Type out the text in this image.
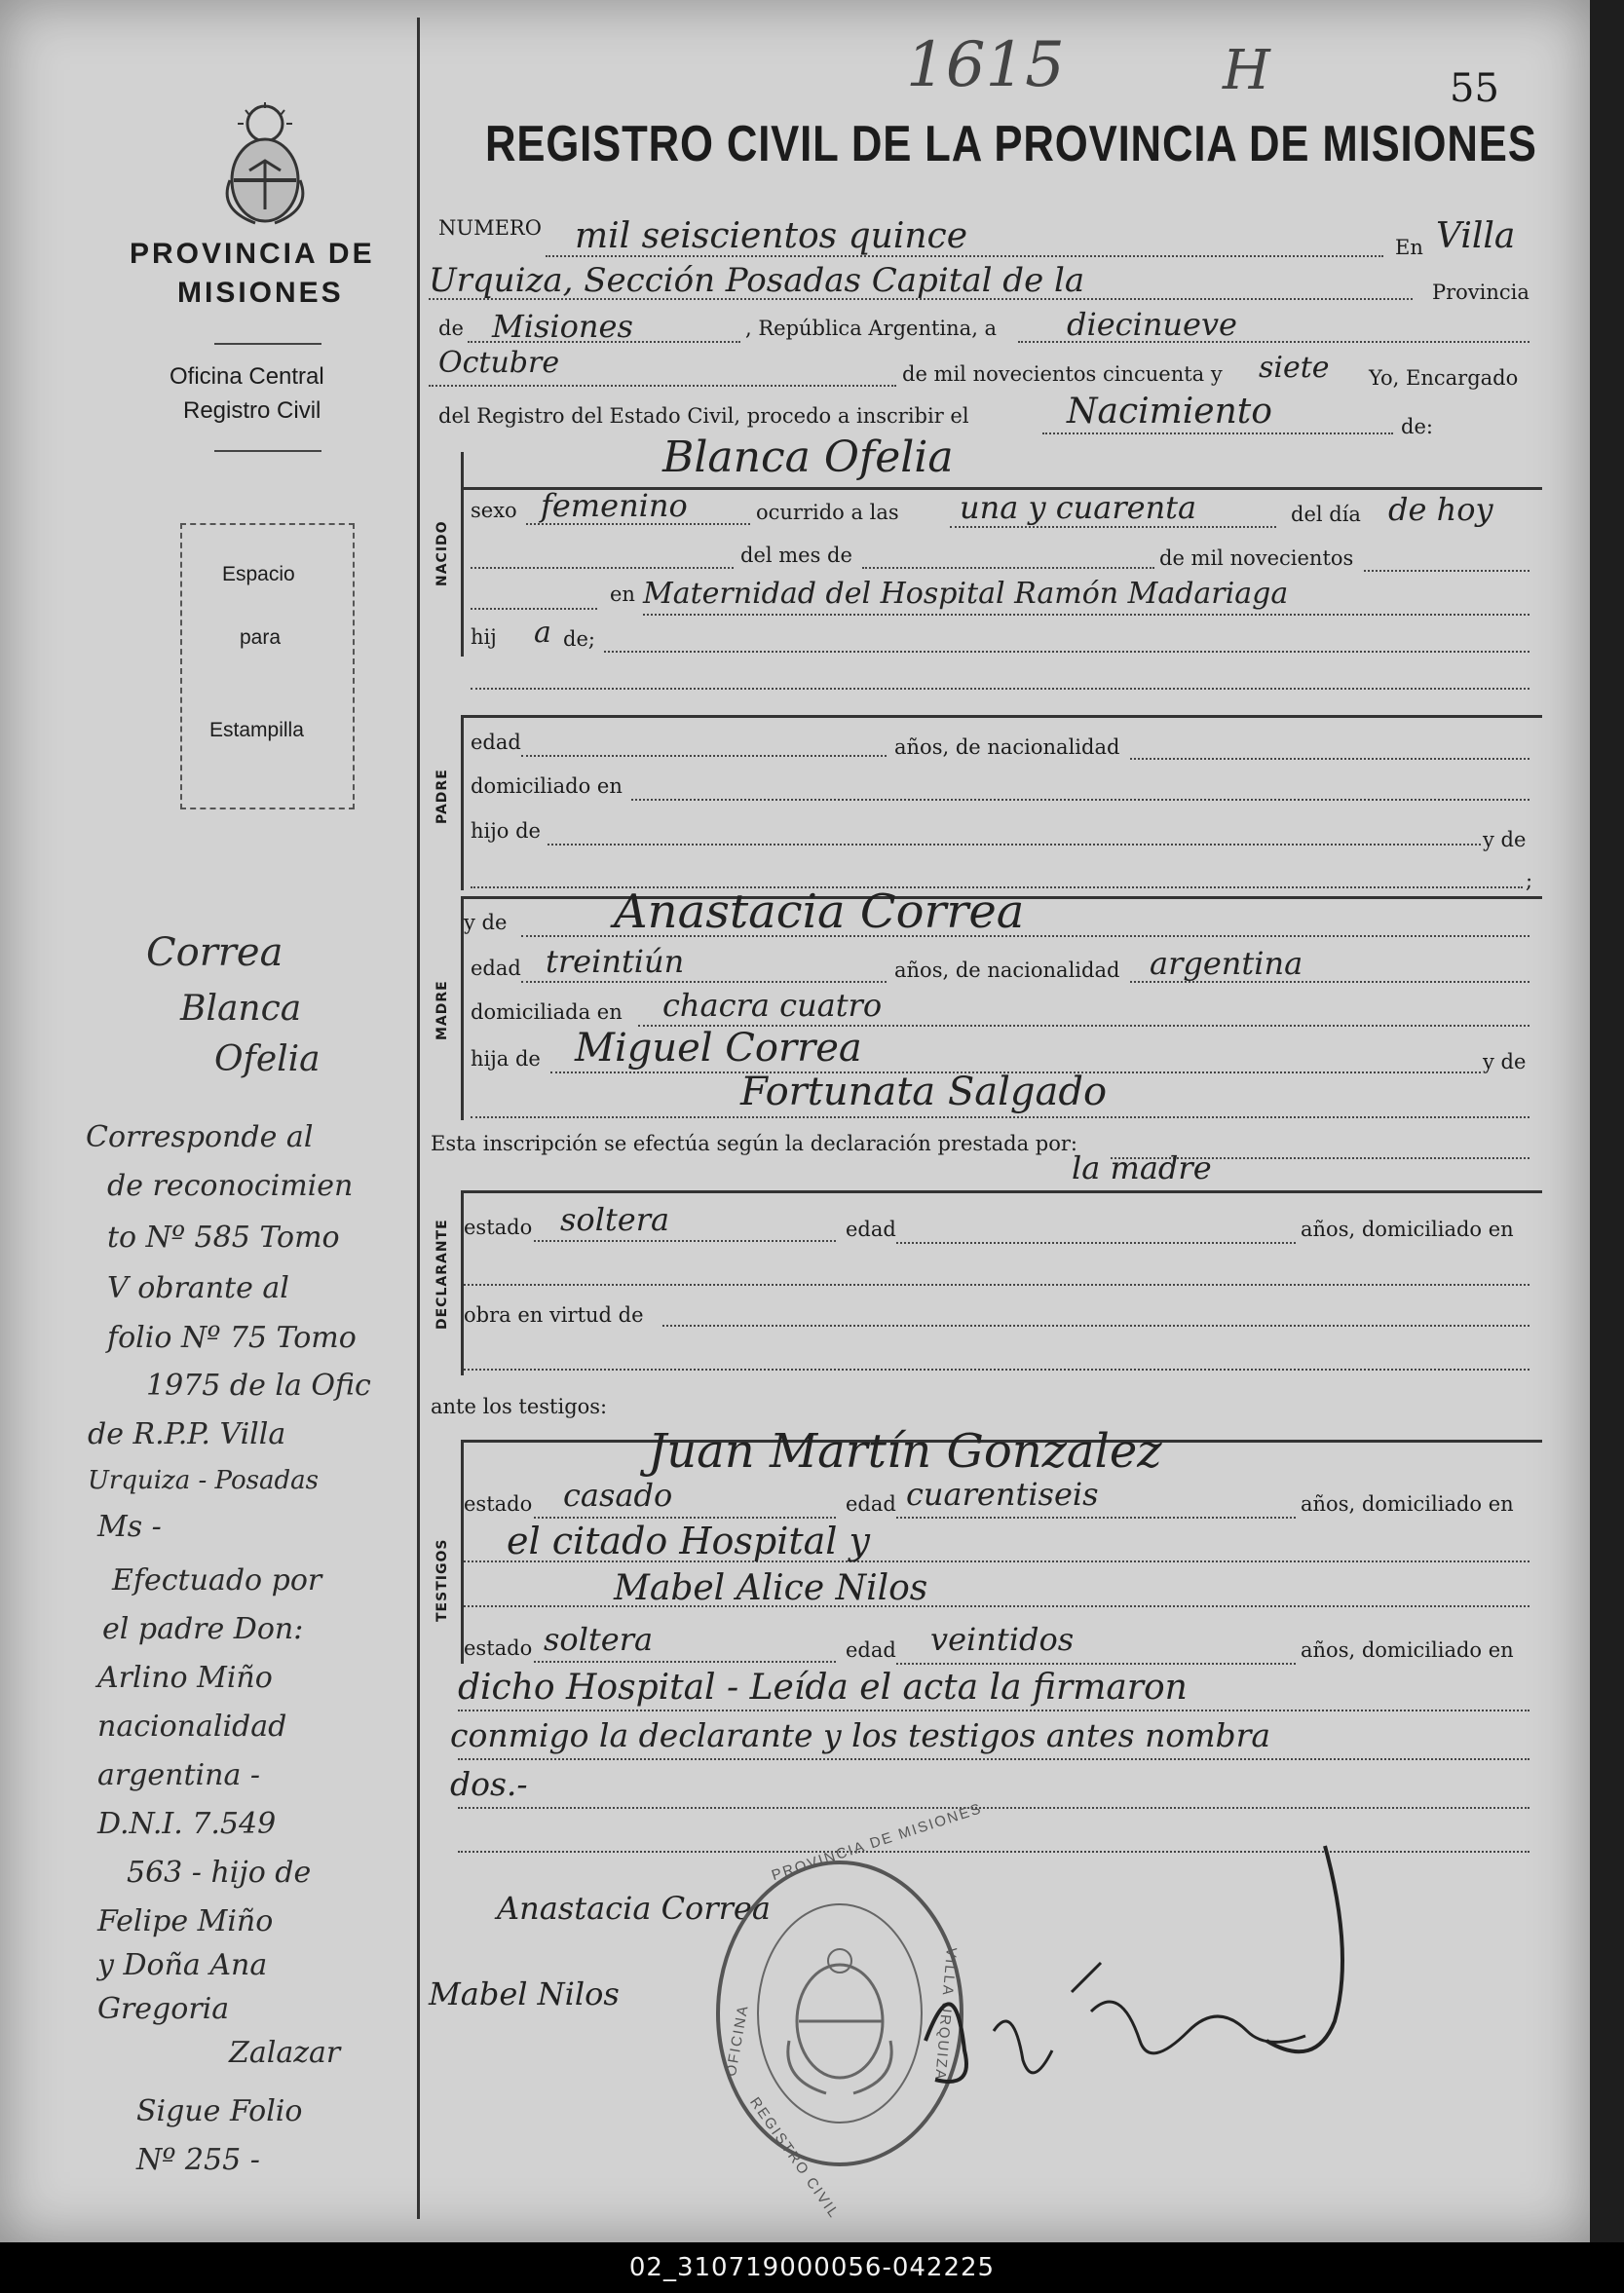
1615	H	55
REGISTRO CIVIL DE LA PROVINCIA DE MISIONES
PROVINCIA DE
MISIONES
Oficina Central
Registro Civil
Espacio
para
Estampilla
Correa
Blanca
Ofelia
Corresponde al
de reconocimien
to Nº 585 Tomo
V obrante al
folio Nº 75 Tomo
1975 de la Ofic
de R.P.P. Villa
Urquiza - Posadas
Ms -
Efectuado por
el padre Don:
Arlino Miño
nacionalidad
argentina -
D.N.I. 7.549
563 - hijo de
Felipe Miño
y Doña Ana
Gregoria
Zalazar
Sigue Folio
Nº 255 -
NUMERO mil seiscientos quince	En Villa
Urquiza, Sección Posadas Capital de la	Provincia
de Misiones	, República Argentina, a diecinueve
Octubre	de mil novecientos cincuenta y siete Yo, Encargado
del Registro del Estado Civil, procedo a inscribir el	Nacimiento	de:
NACIDO
Blanca Ofelia
sexo femenino	ocurrido a las una y cuarenta	del día de hoy
del mes de	de mil novecientos
en Maternidad del Hospital Ramón Madariaga
hij a de;
PADRE
edad	años, de nacionalidad
domiciliado en
hijo de	y de
;
MADRE
y de Anastacia Correa
edad treintiún	años, de nacionalidad argentina
domiciliada en chacra cuatro
hija de Miguel Correa	y de
Fortunata Salgado
Esta inscripción se efectúa según la declaración prestada por:
la madre
DECLARANTE estado soltera	edad	años, domiciliado en
obra en virtud de
ante los testigos:
TESTIGOS
Juan Martín Gonzalez
estado casado	edad cuarentiseis	años, domiciliado en
el citado Hospital y
Mabel Alice Nilos
estado soltera	edad veintidos	años, domiciliado en
dicho Hospital - Leída el acta la firmaron
conmigo la declarante y los testigos antes nombra
dos.-
Anastacia Correa
Mabel Nilos
PROVINCIA DE MISIONES
OFICINA
REGISTRO CIVIL
VILLA URQUIZA
02_310719000056-042225
